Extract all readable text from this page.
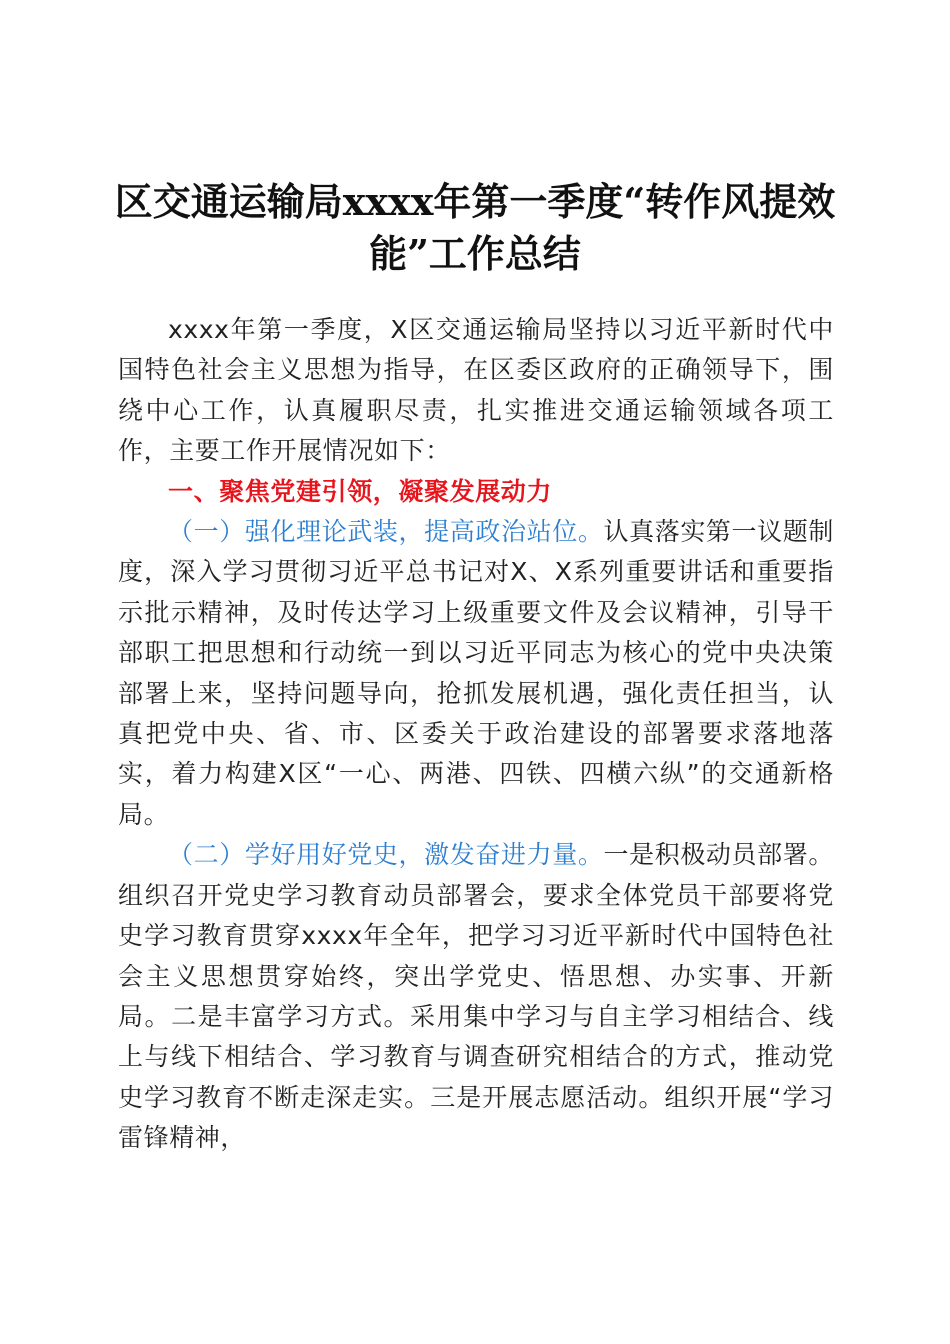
区交通运输局xxxx年第一季度“转作风提效能”工作总结

xxxx年第一季度，X区交通运输局坚持以习近平新时代中国特色社会主义思想为指导，在区委区政府的正确领导下，围绕中心工作，认真履职尽责，扎实推进交通运输领域各项工作，主要工作开展情况如下：

一、聚焦党建引领，凝聚发展动力

（一）强化理论武装，提高政治站位。认真落实第一议题制度，深入学习贯彻习近平总书记对X、X系列重要讲话和重要指示批示精神，及时传达学习上级重要文件及会议精神，引导干部职工把思想和行动统一到以习近平同志为核心的党中央决策部署上来，坚持问题导向，抢抓发展机遇，强化责任担当，认真把党中央、省、市、区委关于政治建设的部署要求落地落实，着力构建X区“一心、两港、四铁、四横六纵”的交通新格局。

（二）学好用好党史，激发奋进力量。一是积极动员部署。组织召开党史学习教育动员部署会，要求全体党员干部要将党史学习教育贯穿xxxx年全年，把学习习近平新时代中国特色社会主义思想贯穿始终，突出学党史、悟思想、办实事、开新局。二是丰富学习方式。采用集中学习与自主学习相结合、线上与线下相结合、学习教育与调查研究相结合的方式，推动党史学习教育不断走深走实。三是开展志愿活动。组织开展“学习雷锋精神，
